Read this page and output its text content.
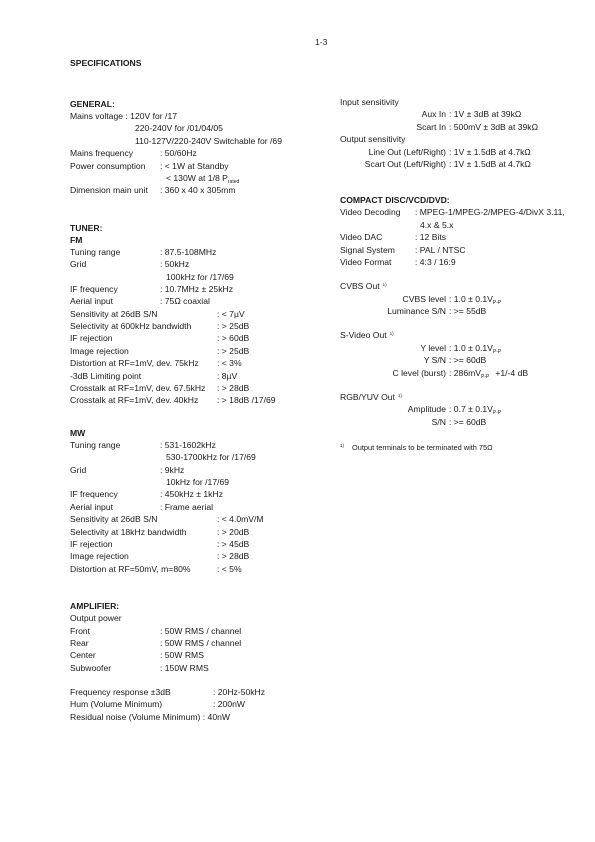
1-3
SPECIFICATIONS
GENERAL:
Mains voltage : 120V for /17
220-240V for /01/04/05
110-127V/220-240V Switchable for /69
Mains frequency	: 50/60Hz
Power consumption : < 1W at Standby
< 130W at 1/8 $P_{rated}$
Dimension main unit : 360 x 40 x 305mm
TUNER:
FM
Tuning range	: 87.5-108MHz
Grid	: 50kHz
100kHz for /17/69
IF frequency	: 10.7MHz ± 25kHz
Aerial input	: 75Ω coaxial
Sensitivity at 26dB S/N	: < 7µV
Selectivity at 600kHz bandwidth	: > 25dB
IF rejection	: > 60dB
Image rejection	: > 25dB
Distortion at RF=1mV, dev. 75kHz : < 3%
-3dB Limiting point	: 8µV
Crosstalk at RF=1mV, dev. 67.5kHz : > 28dB
Crosstalk at RF=1mV, dev. 40kHz : > 18dB /17/69
MW
Tuning range	: 531-1602kHz
530-1700kHz for /17/69
Grid	: 9kHz
10kHz for /17/69
IF frequency	: 450kHz ± 1kHz
Aerial input	: Frame aerial
Sensitivity at 26dB S/N	: < 4.0mV/M
Selectivity at 18kHz bandwidth	: > 20dB
IF rejection	: > 45dB
Image rejection	: > 28dB
Distortion at RF=50mV, m=80%	: < 5%
AMPLIFIER:
Output power
Front	: 50W RMS / channel
Rear	: 50W RMS / channel
Center	: 50W RMS
Subwoofer	: 150W RMS
Frequency response ±3dB	: 20Hz-50kHz
Hum (Volume Minimum)	: 200nW
Residual noise (Volume Minimum) : 40nW
Input sensitivity
Aux In : 1V ± 3dB at 39kΩ
Scart In : 500mV ± 3dB at 39kΩ
Output sensitivity
Line Out (Left/Right) : 1V ± 1.5dB at 4.7kΩ
Scart Out (Left/Right) : 1V ± 1.5dB at 4.7kΩ
COMPACT DISC/VCD/DVD:
Video Decoding : MPEG-1/MPEG-2/MPEG-4/DivX 3.11,
4.x & 5.x
Video DAC	: 12 Bits
Signal System : PAL / NTSC
Video Format	: 4:3 / 16:9
CVBS Out $^{1)}$
CVBS level : $1.0 \pm 0.1V_{P-P}$
Luminance S/N : >= 55dB
S-Video Out $^{1)}$
Y level : $1.0 \pm 0.1V_{P-P}$
Y S/N : >= 60dB
C level (burst) : $286mV_{P-P} +1/-4$ dB
RGB/YUV Out $^{1)}$
Amplitude : $0.7 \pm 0.1V_{P-P}$
S/N : >= 60dB
1) Output terminals to be terminated with 75Ω
